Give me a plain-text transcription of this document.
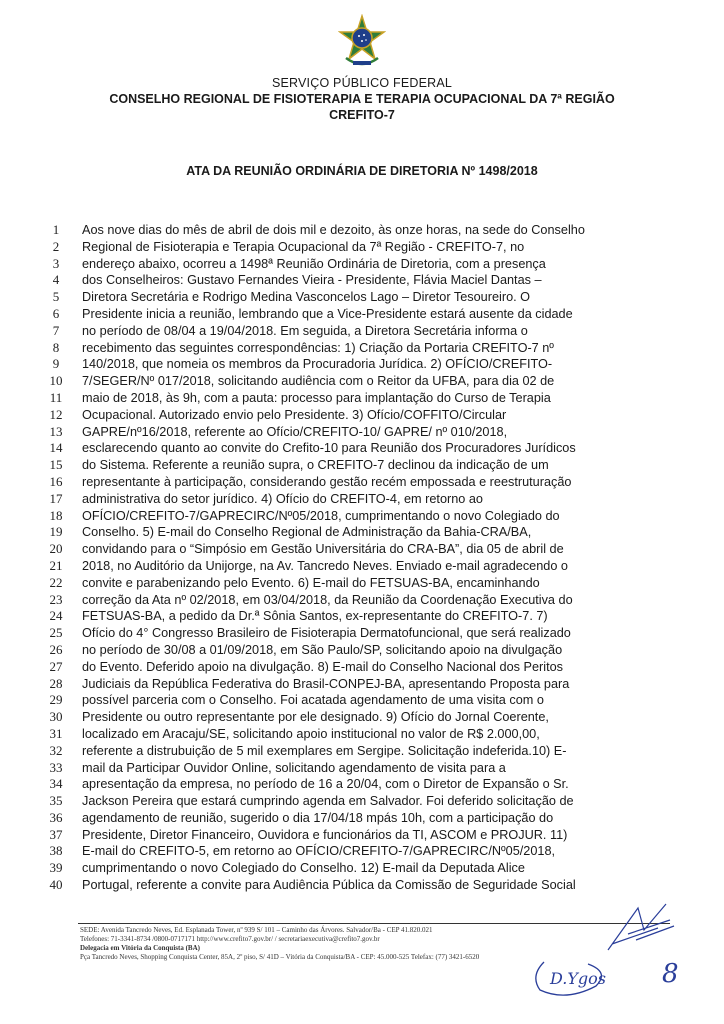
SERVIÇO PÚBLICO FEDERAL
CONSELHO REGIONAL DE FISIOTERAPIA E TERAPIA OCUPACIONAL DA 7ª REGIÃO
CREFITO-7
ATA DA REUNIÃO ORDINÁRIA DE DIRETORIA Nº 1498/2018
1	Aos nove dias do mês de abril de dois mil e dezoito, às onze horas, na sede do Conselho
2	Regional de Fisioterapia e Terapia Ocupacional da 7ª Região - CREFITO-7, no
3	endereço abaixo, ocorreu a 1498ª Reunião Ordinária de Diretoria, com a presença
4	dos Conselheiros: Gustavo Fernandes Vieira - Presidente, Flávia Maciel Dantas –
5	Diretora Secretária e Rodrigo Medina Vasconcelos Lago – Diretor Tesoureiro. O
6	Presidente inicia a reunião, lembrando que a Vice-Presidente estará ausente da cidade
7	no período de 08/04 a 19/04/2018. Em seguida, a Diretora Secretária informa o
8	recebimento das seguintes correspondências: 1) Criação da Portaria CREFITO-7 nº
9	140/2018, que nomeia os membros da Procuradoria Jurídica. 2) OFÍCIO/CREFITO-
10	7/SEGER/Nº 017/2018, solicitando audiência com o Reitor da UFBA, para dia 02 de
11	maio de 2018, às 9h, com a pauta: processo para implantação do Curso de Terapia
12	Ocupacional. Autorizado envio pelo Presidente. 3) Ofício/COFFITO/Circular
13	GAPRE/nº16/2018, referente ao Ofício/CREFITO-10/ GAPRE/ nº 010/2018,
14	esclarecendo quanto ao convite do Crefito-10 para Reunião dos Procuradores Jurídicos
15	do Sistema. Referente a reunião supra, o CREFITO-7 declinou da indicação de um
16	representante à participação, considerando gestão recém empossada e reestruturação
17	administrativa do setor jurídico. 4) Ofício do CREFITO-4, em retorno ao
18	OFÍCIO/CREFITO-7/GAPRECIRC/Nº05/2018, cumprimentando o novo Colegiado do
19	Conselho. 5) E-mail do Conselho Regional de Administração da Bahia-CRA/BA,
20	convidando para o “Simpósio em Gestão Universitária do CRA-BA”, dia 05 de abril de
21	2018, no Auditório da Unijorge, na Av. Tancredo Neves. Enviado e-mail agradecendo o
22	convite e parabenizando pelo Evento. 6) E-mail do FETSUAS-BA, encaminhando
23	correção da Ata nº 02/2018, em 03/04/2018, da Reunião da Coordenação Executiva do
24	FETSUAS-BA, a pedido da Dr.ª Sônia Santos, ex-representante do CREFITO-7. 7)
25	Ofício do 4° Congresso Brasileiro de Fisioterapia Dermatofuncional, que será realizado
26	no período de 30/08 a 01/09/2018, em São Paulo/SP, solicitando apoio na divulgação
27	do Evento. Deferido apoio na divulgação. 8) E-mail do Conselho Nacional dos Peritos
28	Judiciais da República Federativa do Brasil-CONPEJ-BA, apresentando Proposta para
29	possível parceria com o Conselho. Foi acatada agendamento de uma visita com o
30	Presidente ou outro representante por ele designado. 9) Ofício do Jornal Coerente,
31	localizado em Aracaju/SE, solicitando apoio institucional no valor de R$ 2.000,00,
32	referente a distrubuição de 5 mil exemplares em Sergipe. Solicitação indeferida.10) E-
33	mail da Participar Ouvidor Online, solicitando agendamento de visita para a
34	apresentação da empresa, no período de 16 a 20/04, com o Diretor de Expansão o Sr.
35	Jackson Pereira que estará cumprindo agenda em Salvador. Foi deferido solicitação de
36	agendamento de reunião, sugerido o dia 17/04/18 mpás 10h, com a participação do
37	Presidente, Diretor Financeiro, Ouvidora e funcionários da TI, ASCOM e PROJUR. 11)
38	E-mail do CREFITO-5, em retorno ao OFÍCIO/CREFITO-7/GAPRECIRC/Nº05/2018,
39	cumprimentando o novo Colegiado do Conselho. 12) E-mail da Deputada Alice
40	Portugal, referente a convite para Audiência Pública da Comissão de Seguridade Social
SEDE: Avenida Tancredo Neves, Ed. Esplanada Tower, nº 939 S/ 101 – Caminho das Árvores. Salvador/Ba - CEP 41.820.021
Telefones: 71-3341-8734 /0800-0717171 http://www.crefito7.gov.br/ / secretariaexecutiva@crefito7.gov.br
Delegacia em Vitória da Conquista (BA)
Pça Tancredo Neves, Shopping Conquista Center, 85A, 2º piso, S/ 41D – Vitória da Conquista/BA - CEP: 45.000-525 Telefax: (77) 3421-6520
D.Ygos 8
